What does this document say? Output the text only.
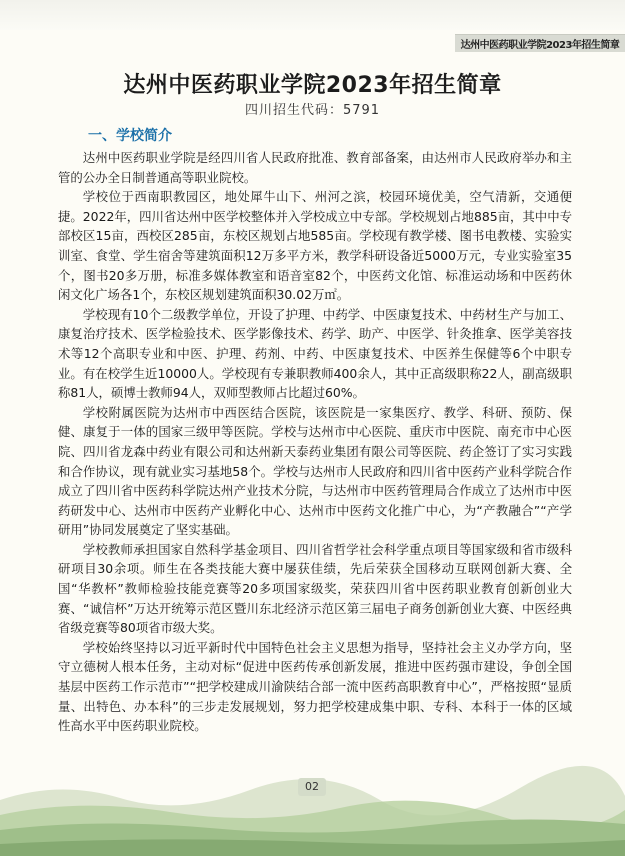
达州中医药职业学院2023年招生简章
达州中医药职业学院2023年招生简章
四川招生代码：5791
一、学校简介

达州中医药职业学院是经四川省人民政府批准、教育部备案，由达州市人民政府举办和主管的公办全日制普通高等职业院校。

学校位于西南职教园区，地处犀牛山下、州河之滨，校园环境优美，空气清新，交通便捷。2022年，四川省达州中医学校整体并入学校成立中专部。学校规划占地885亩，其中中专部校区15亩，西校区285亩，东校区规划占地585亩。学校现有教学楼、图书电教楼、实验实训室、食堂、学生宿舍等建筑面积12万多平方米，教学科研设备近5000万元，专业实验室35个，图书20多万册，标准多媒体教室和语音室82个，中医药文化馆、标准运动场和中医药休闲文化广场各1个，东校区规划建筑面积30.02万㎡。

学校现有10个二级教学单位，开设了护理、中药学、中医康复技术、中药材生产与加工、康复治疗技术、医学检验技术、医学影像技术、药学、助产、中医学、针灸推拿、医学美容技术等12个高职专业和中医、护理、药剂、中药、中医康复技术、中医养生保健等6个中职专业。有在校学生近10000人。学校现有专兼职教师400余人，其中正高级职称22人，副高级职称81人，硕博士教师94人，双师型教师占比超过60%。

学校附属医院为达州市中西医结合医院，该医院是一家集医疗、教学、科研、预防、保健、康复于一体的国家三级甲等医院。学校与达州市中心医院、重庆市中医院、南充市中心医院、四川省龙森中药业有限公司和达州新天泰药业集团有限公司等医院、药企签订了实习实践和合作协议，现有就业实习基地58个。学校与达州市人民政府和四川省中医药产业科学院合作成立了四川省中医药科学院达州产业技术分院，与达州市中医药管理局合作成立了达州市中医药研发中心、达州市中医药产业孵化中心、达州市中医药文化推广中心，为“产教融合”“产学研用”协同发展奠定了坚实基础。

学校教师承担国家自然科学基金项目、四川省哲学社会科学重点项目等国家级和省市级科研项目30余项。师生在各类技能大赛中屡获佳绩，先后荣获全国移动互联网创新大赛、全国“华教杯”教师检验技能竞赛等20多项国家级奖，荣获四川省中医药职业教育创新创业大赛、“诚信杯”万达开统筹示范区暨川东北经济示范区第三届电子商务创新创业大赛、中医经典省级竞赛等80项省市级大奖。

学校始终坚持以习近平新时代中国特色社会主义思想为指导，坚持社会主义办学方向，坚守立德树人根本任务，主动对标“促进中医药传承创新发展，推进中医药强市建设，争创全国基层中医药工作示范市”“把学校建成川渝陕结合部一流中医药高职教育中心”，严格按照“显质量、出特色、办本科”的三步走发展规划，努力把学校建成集中职、专科、本科于一体的区域性高水平中医药职业院校。

02
